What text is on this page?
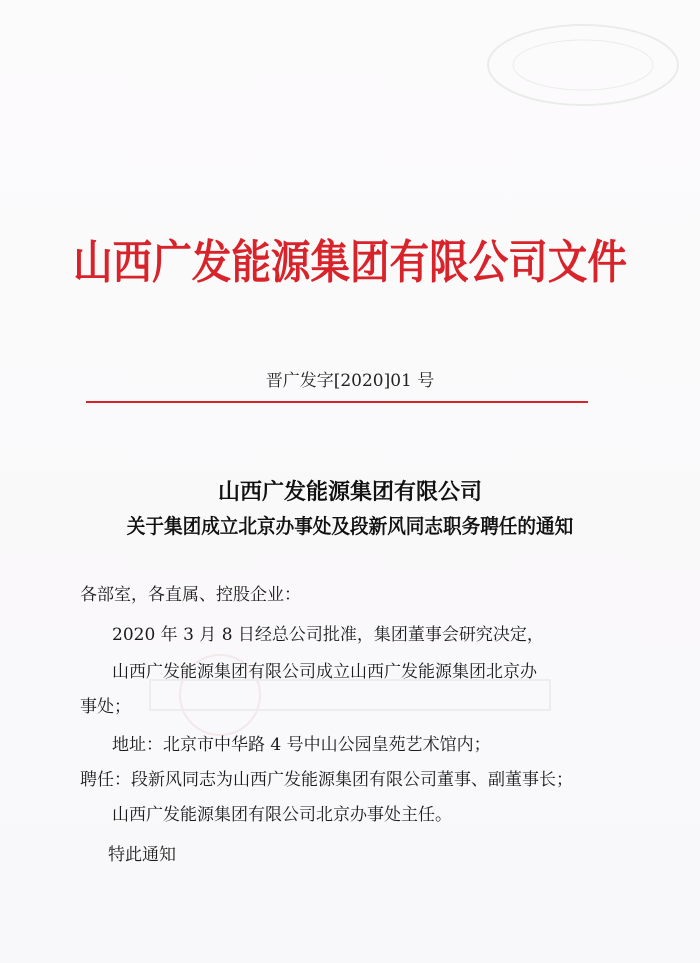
山西广发能源集团有限公司文件
晋广发字[2020]01 号
山西广发能源集团有限公司
关于集团成立北京办事处及段新风同志职务聘任的通知
各部室，各直属、控股企业：
2020 年 3 月 8 日经总公司批准，集团董事会研究决定，
山西广发能源集团有限公司成立山西广发能源集团北京办
事处；
地址：北京市中华路 4 号中山公园皇苑艺术馆内；
聘任：段新风同志为山西广发能源集团有限公司董事、副董事长；
山西广发能源集团有限公司北京办事处主任。
特此通知
